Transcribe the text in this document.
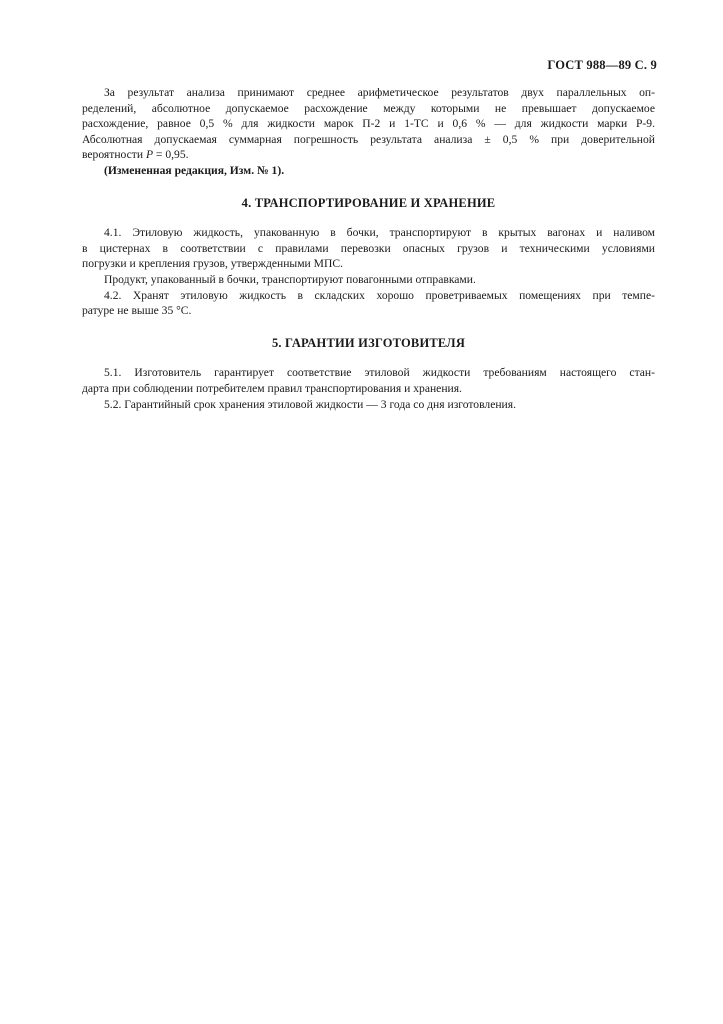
ГОСТ 988—89 С. 9
За результат анализа принимают среднее арифметическое результатов двух параллельных оп-
ределений, абсолютное допускаемое расхождение между которыми не превышает допускаемое
расхождение, равное 0,5 % для жидкости марок П-2 и 1-ТС и 0,6 % — для жидкости марки Р-9.
Абсолютная допускаемая суммарная погрешность результата анализа ± 0,5 % при доверительной
вероятности P = 0,95.

(Измененная редакция, Изм. № 1).

4. ТРАНСПОРТИРОВАНИЕ И ХРАНЕНИЕ
4.1. Этиловую жидкость, упакованную в бочки, транспортируют в крытых вагонах и наливом
в цистернах в соответствии с правилами перевозки опасных грузов и техническими условиями
погрузки и крепления грузов, утвержденными МПС.

Продукт, упакованный в бочки, транспортируют повагонными отправками.

4.2. Хранят этиловую жидкость в складских хорошо проветриваемых помещениях при темпе-
ратуре не выше 35 °С.
5. ГАРАНТИИ ИЗГОТОВИТЕЛЯ
5.1. Изготовитель гарантирует соответствие этиловой жидкости требованиям настоящего стан-
дарта при соблюдении потребителем правил транспортирования и хранения.

5.2. Гарантийный срок хранения этиловой жидкости — 3 года со дня изготовления.
